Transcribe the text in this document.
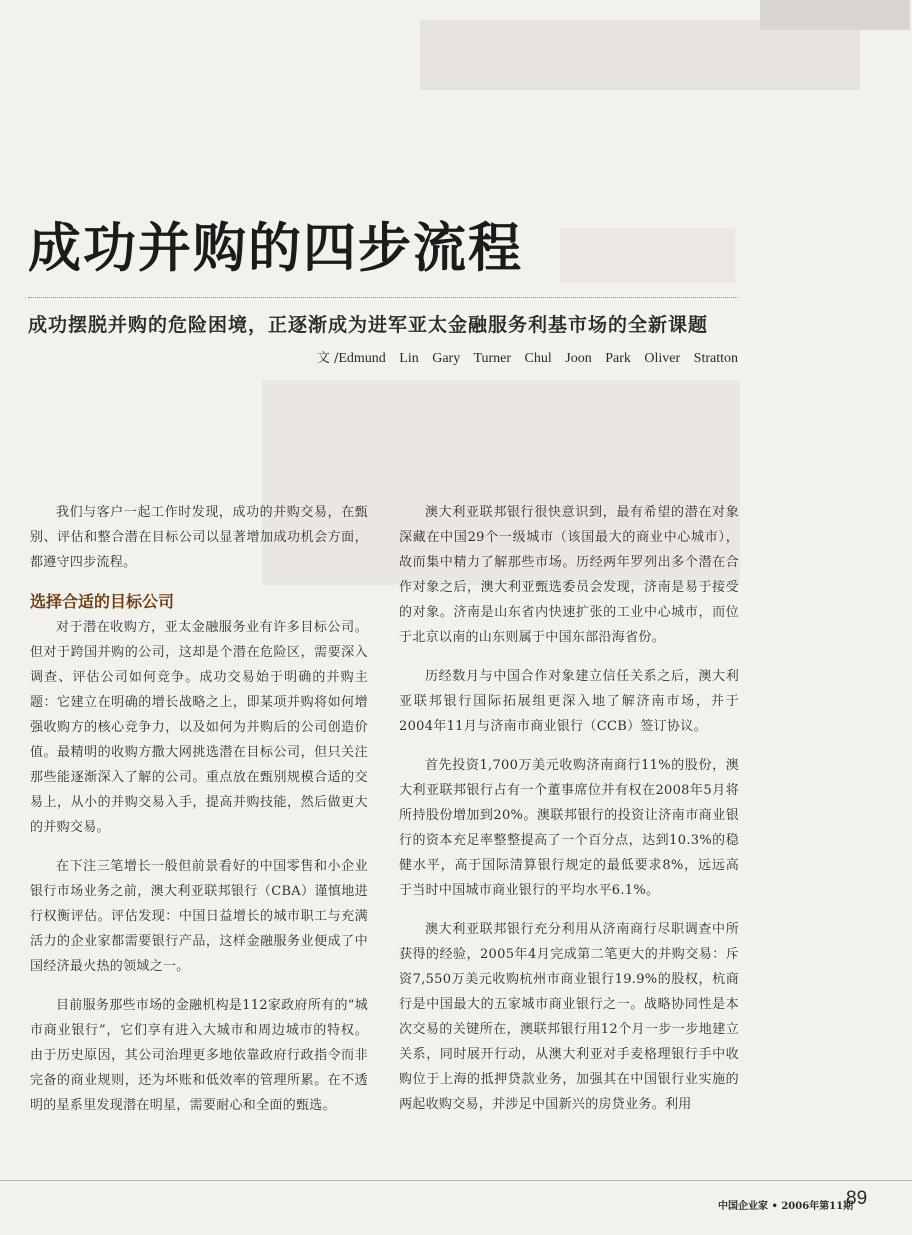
成功并购的四步流程

成功摆脱并购的危险困境，正逐渐成为进军亚太金融服务利基市场的全新课题

文 /Edmund Lin Gary Turner Chul Joon Park Oliver Stratton

我们与客户一起工作时发现，成功的并购交易，在甄别、评估和整合潜在目标公司以显著增加成功机会方面，都遵守四步流程。

选择合适的目标公司

对于潜在收购方，亚太金融服务业有许多目标公司。但对于跨国并购的公司，这却是个潜在危险区，需要深入调查、评估公司如何竞争。成功交易始于明确的并购主题：它建立在明确的增长战略之上，即某项并购将如何增强收购方的核心竞争力，以及如何为并购后的公司创造价值。最精明的收购方撒大网挑选潜在目标公司，但只关注那些能逐渐深入了解的公司。重点放在甄别规模合适的交易上，从小的并购交易入手，提高并购技能，然后做更大的并购交易。

在下注三笔增长一般但前景看好的中国零售和小企业银行市场业务之前，澳大利亚联邦银行（CBA）谨慎地进行权衡评估。评估发现：中国日益增长的城市职工与充满活力的企业家都需要银行产品，这样金融服务业便成了中国经济最火热的领域之一。

目前服务那些市场的金融机构是112家政府所有的“城市商业银行”，它们享有进入大城市和周边城市的特权。由于历史原因，其公司治理更多地依靠政府行政指令而非完备的商业规则，还为坏账和低效率的管理所累。在不透明的星系里发现潜在明星，需要耐心和全面的甄选。

澳大利亚联邦银行很快意识到，最有希望的潜在对象深藏在中国29个一级城市（该国最大的商业中心城市），故而集中精力了解那些市场。历经两年罗列出多个潜在合作对象之后，澳大利亚甄选委员会发现，济南是易于接受的对象。济南是山东省内快速扩张的工业中心城市，而位于北京以南的山东则属于中国东部沿海省份。

历经数月与中国合作对象建立信任关系之后，澳大利亚联邦银行国际拓展组更深入地了解济南市场，并于2004年11月与济南市商业银行（CCB）签订协议。

首先投资1,700万美元收购济南商行11%的股份，澳大利亚联邦银行占有一个董事席位并有权在2008年5月将所持股份增加到20%。澳联邦银行的投资让济南市商业银行的资本充足率整整提高了一个百分点，达到10.3%的稳健水平，高于国际清算银行规定的最低要求8%，远远高于当时中国城市商业银行的平均水平6.1%。

澳大利亚联邦银行充分利用从济南商行尽职调查中所获得的经验，2005年4月完成第二笔更大的并购交易：斥资7,550万美元收购杭州市商业银行19.9%的股权，杭商行是中国最大的五家城市商业银行之一。战略协同性是本次交易的关键所在，澳联邦银行用12个月一步一步地建立关系，同时展开行动，从澳大利亚对手麦格理银行手中收购位于上海的抵押贷款业务，加强其在中国银行业实施的两起收购交易，并涉足中国新兴的房贷业务。利用

中国企业家 • 2006年第11期

89
